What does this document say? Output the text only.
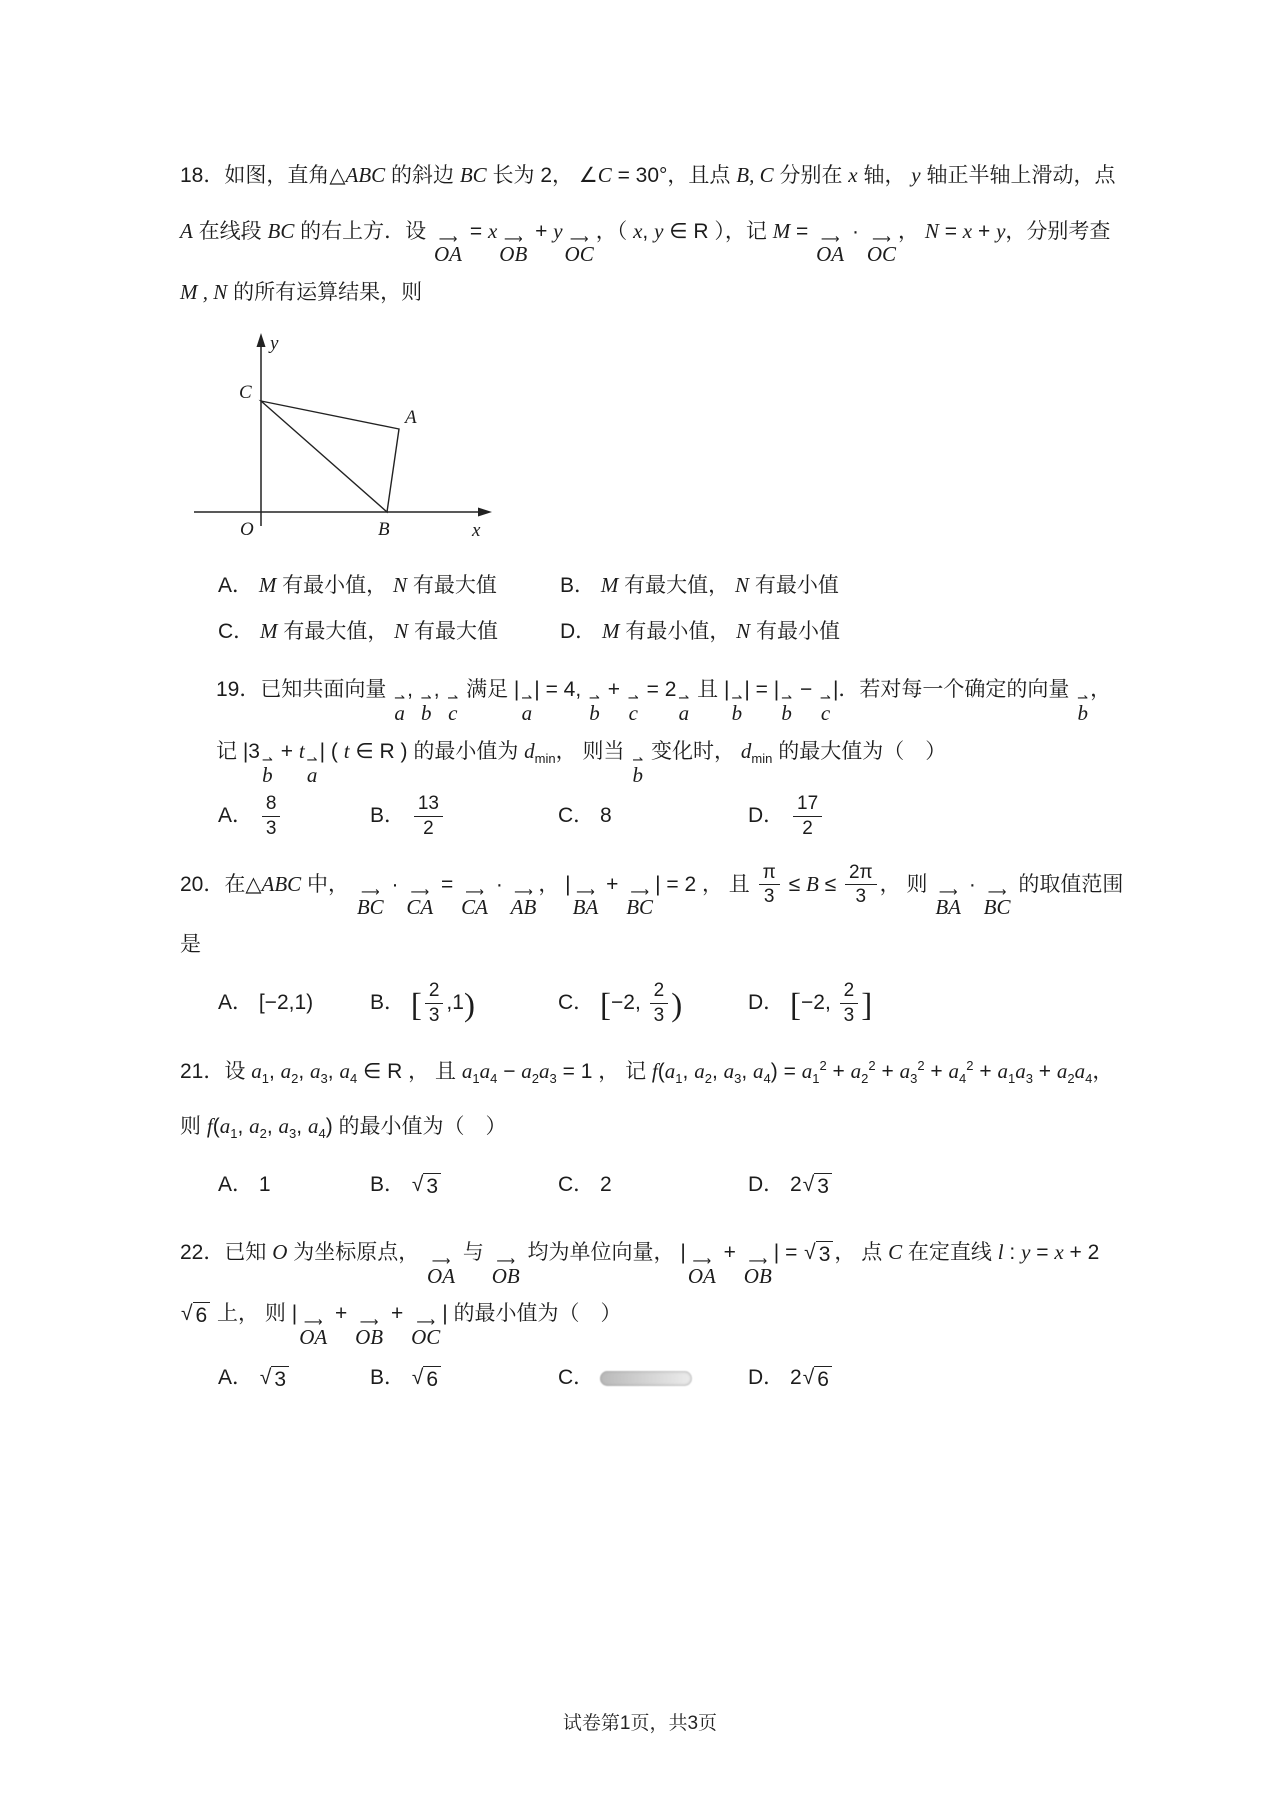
18．如图，直角△ABC 的斜边 BC 长为 2， ∠C = 30°，且点 B, C 分别在 x 轴， y 轴正半轴上滑动，点 A 在线段 BC 的右上方．设 ⟶
OA
= x ⟶
OB
+ y ⟶
OC
，（ x, y ∈ R ），记 M = ⟶
OA
· ⟶
OC
， N = x + y，分别考查 M , N 的所有运算结果，则

y
x
O
C
B
A
A． M 有最小值， N 有最大值	B． M 有最大值， N 有最小值
C． M 有最大值， N 有最大值	D． M 有最小值， N 有最小值

19．已知共面向量 ⇀
a
, ⇀
b
, ⇀
c
满足 | ⇀
a
| = 4, ⇀
b
+ ⇀
c
= 2 ⇀
a
且 | ⇀
b
| = | ⇀
b
− ⇀
c
|．若对每一个确定的向量 ⇀
b
，记 |3 ⇀
b
+ t ⇀
a
| ( t ∈ R ) 的最小值为 $d_{min}$， 则当 ⇀
b
变化时， $d_{min}$ 的最大值为（　）

A． $\frac{8}{3}$	B． $\frac{13}{2}$	C． 8	D． $\frac{17}{2}$

20．在△ABC 中， ⟶
BC
· ⟶
CA
= ⟶
CA
· ⟶
AB
， | ⟶
BA
+ ⟶
BC
| = 2 ， 且 $\frac{\pi}{3} \le B \le \frac{2\pi}{3}$ ， 则 ⟶
BA
· ⟶
BC
的取值范围是

A． [−2,1)	B． [ $\frac{2}{3} ,1$)	C． [−2, $\frac{2}{3}$ )	D． [−2, $\frac{2}{3}$ ]

21．设 $a_1$, $a_2$, $a_3$, $a_4$ ∈ R ， 且 $a_1a_4 - a_2a_3 = 1$ ， 记 $f(a_1$, $a_2$, $a_3$, $a_4) = a_1^2 + a_2^2 + a_3^2 + a_4^2 + a_1a_3 + a_2a_4$， 则 $f(a_1$, $a_2$, $a_3$, $a_4$) 的最小值为（　）

A． 1	B． √ 3	C． 2	D． 2 √ 3

22．已知 O 为坐标原点， ⟶
OA
与 ⟶
OB
均为单位向量， | ⟶
OA
+ ⟶
OB
| = √ 3 ， 点 C 在定直线 l : y = x + 2
√ 6 上， 则 | ⟶
OA
+ ⟶
OB
+ ⟶
OC
| 的最小值为（　）

A． √ 3	B． √ 6	C．	D． 2 √ 6
试卷第1页，共3页
